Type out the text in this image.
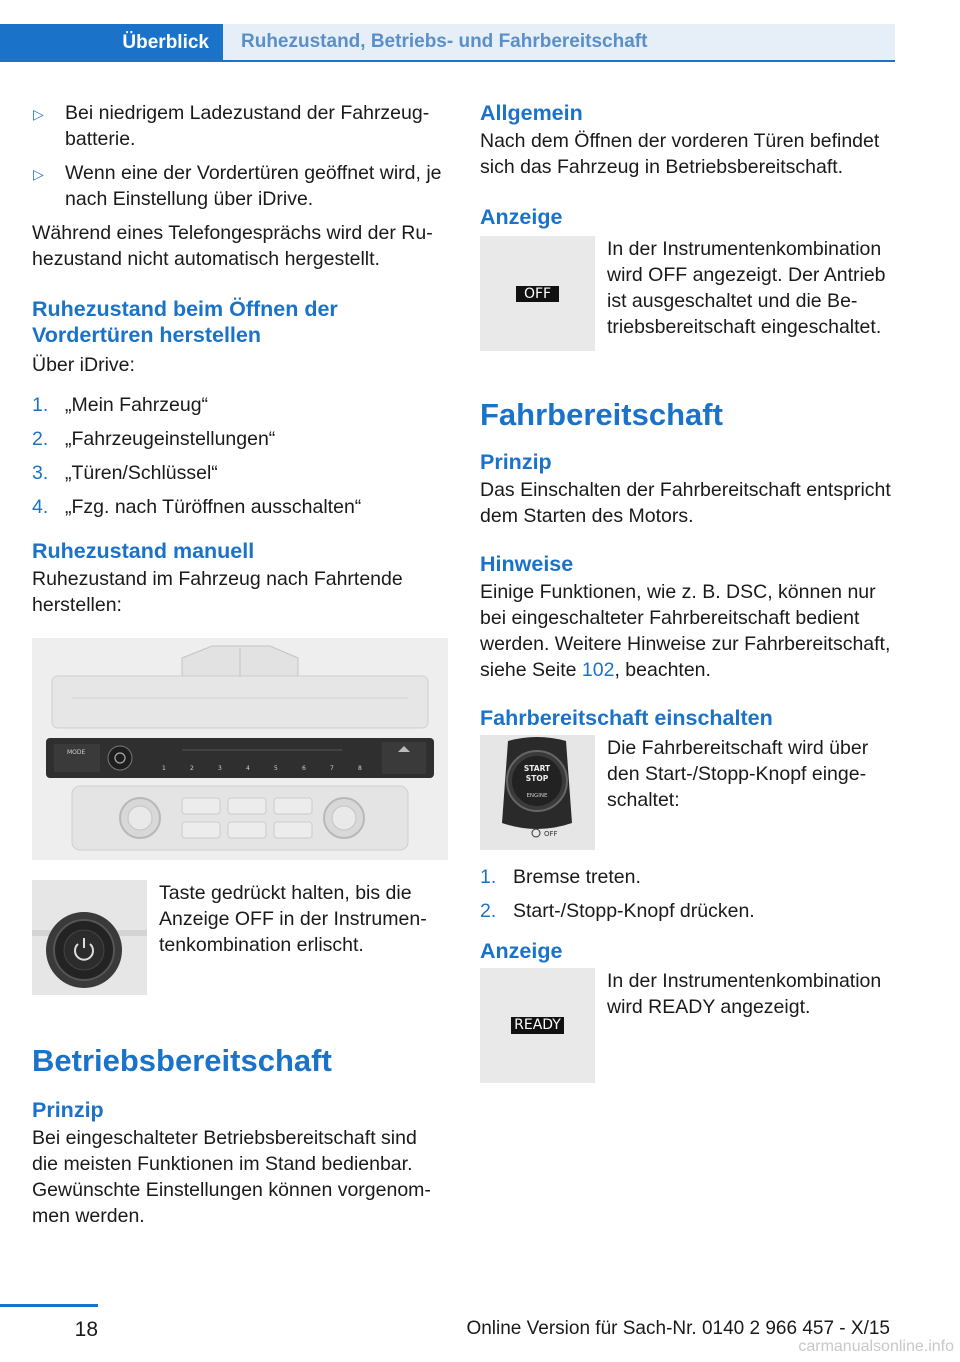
Überblick	Ruhezustand, Betriebs- und Fahrbereitschaft
▷ Bei niedrigem Ladezustand der Fahrzeugbatterie.
▷ Wenn eine der Vordertüren geöffnet wird, je nach Einstellung über iDrive.

Während eines Telefongesprächs wird der Ruhezustand nicht automatisch hergestellt.

Ruhezustand beim Öffnen der Vordertüren herstellen

Über iDrive:

1. „Mein Fahrzeug“
2. „Fahrzeugeinstellungen“
3. „Türen/Schlüssel“
4. „Fzg. nach Türöffnen ausschalten“
Ruhezustand manuell

Ruhezustand im Fahrzeug nach Fahrtende herstellen:

MODE
1	2	3	4	5	6	7	8

Taste gedrückt halten, bis die Anzeige OFF in der Instrumentenkombination erlischt.

Betriebsbereitschaft
Prinzip

Bei eingeschalteter Betriebsbereitschaft sind die meisten Funktionen im Stand bedienbar. Gewünschte Einstellungen können vorgenommen werden.

Allgemein

Nach dem Öffnen der vorderen Türen befindet sich das Fahrzeug in Betriebsbereitschaft.

Anzeige
OFF

In der Instrumentenkombination wird OFF angezeigt. Der Antrieb ist ausgeschaltet und die Betriebsbereitschaft eingeschaltet.

Fahrbereitschaft
Prinzip

Das Einschalten der Fahrbereitschaft entspricht dem Starten des Motors.

Hinweise

Einige Funktionen, wie z. B. DSC, können nur bei eingeschalteter Fahrbereitschaft bedient werden. Weitere Hinweise zur Fahrbereitschaft, siehe Seite 102, beachten.

Fahrbereitschaft einschalten
START
STOP
ENGINE
OFF

Die Fahrbereitschaft wird über den Start-/Stopp-Knopf eingeschaltet:

1. Bremse treten.
2. Start-/Stopp-Knopf drücken.
Anzeige
READY

In der Instrumentenkombination wird READY angezeigt.

18	Online Version für Sach-Nr. 0140 2 966 457 - X/15
carmanualsonline.info
